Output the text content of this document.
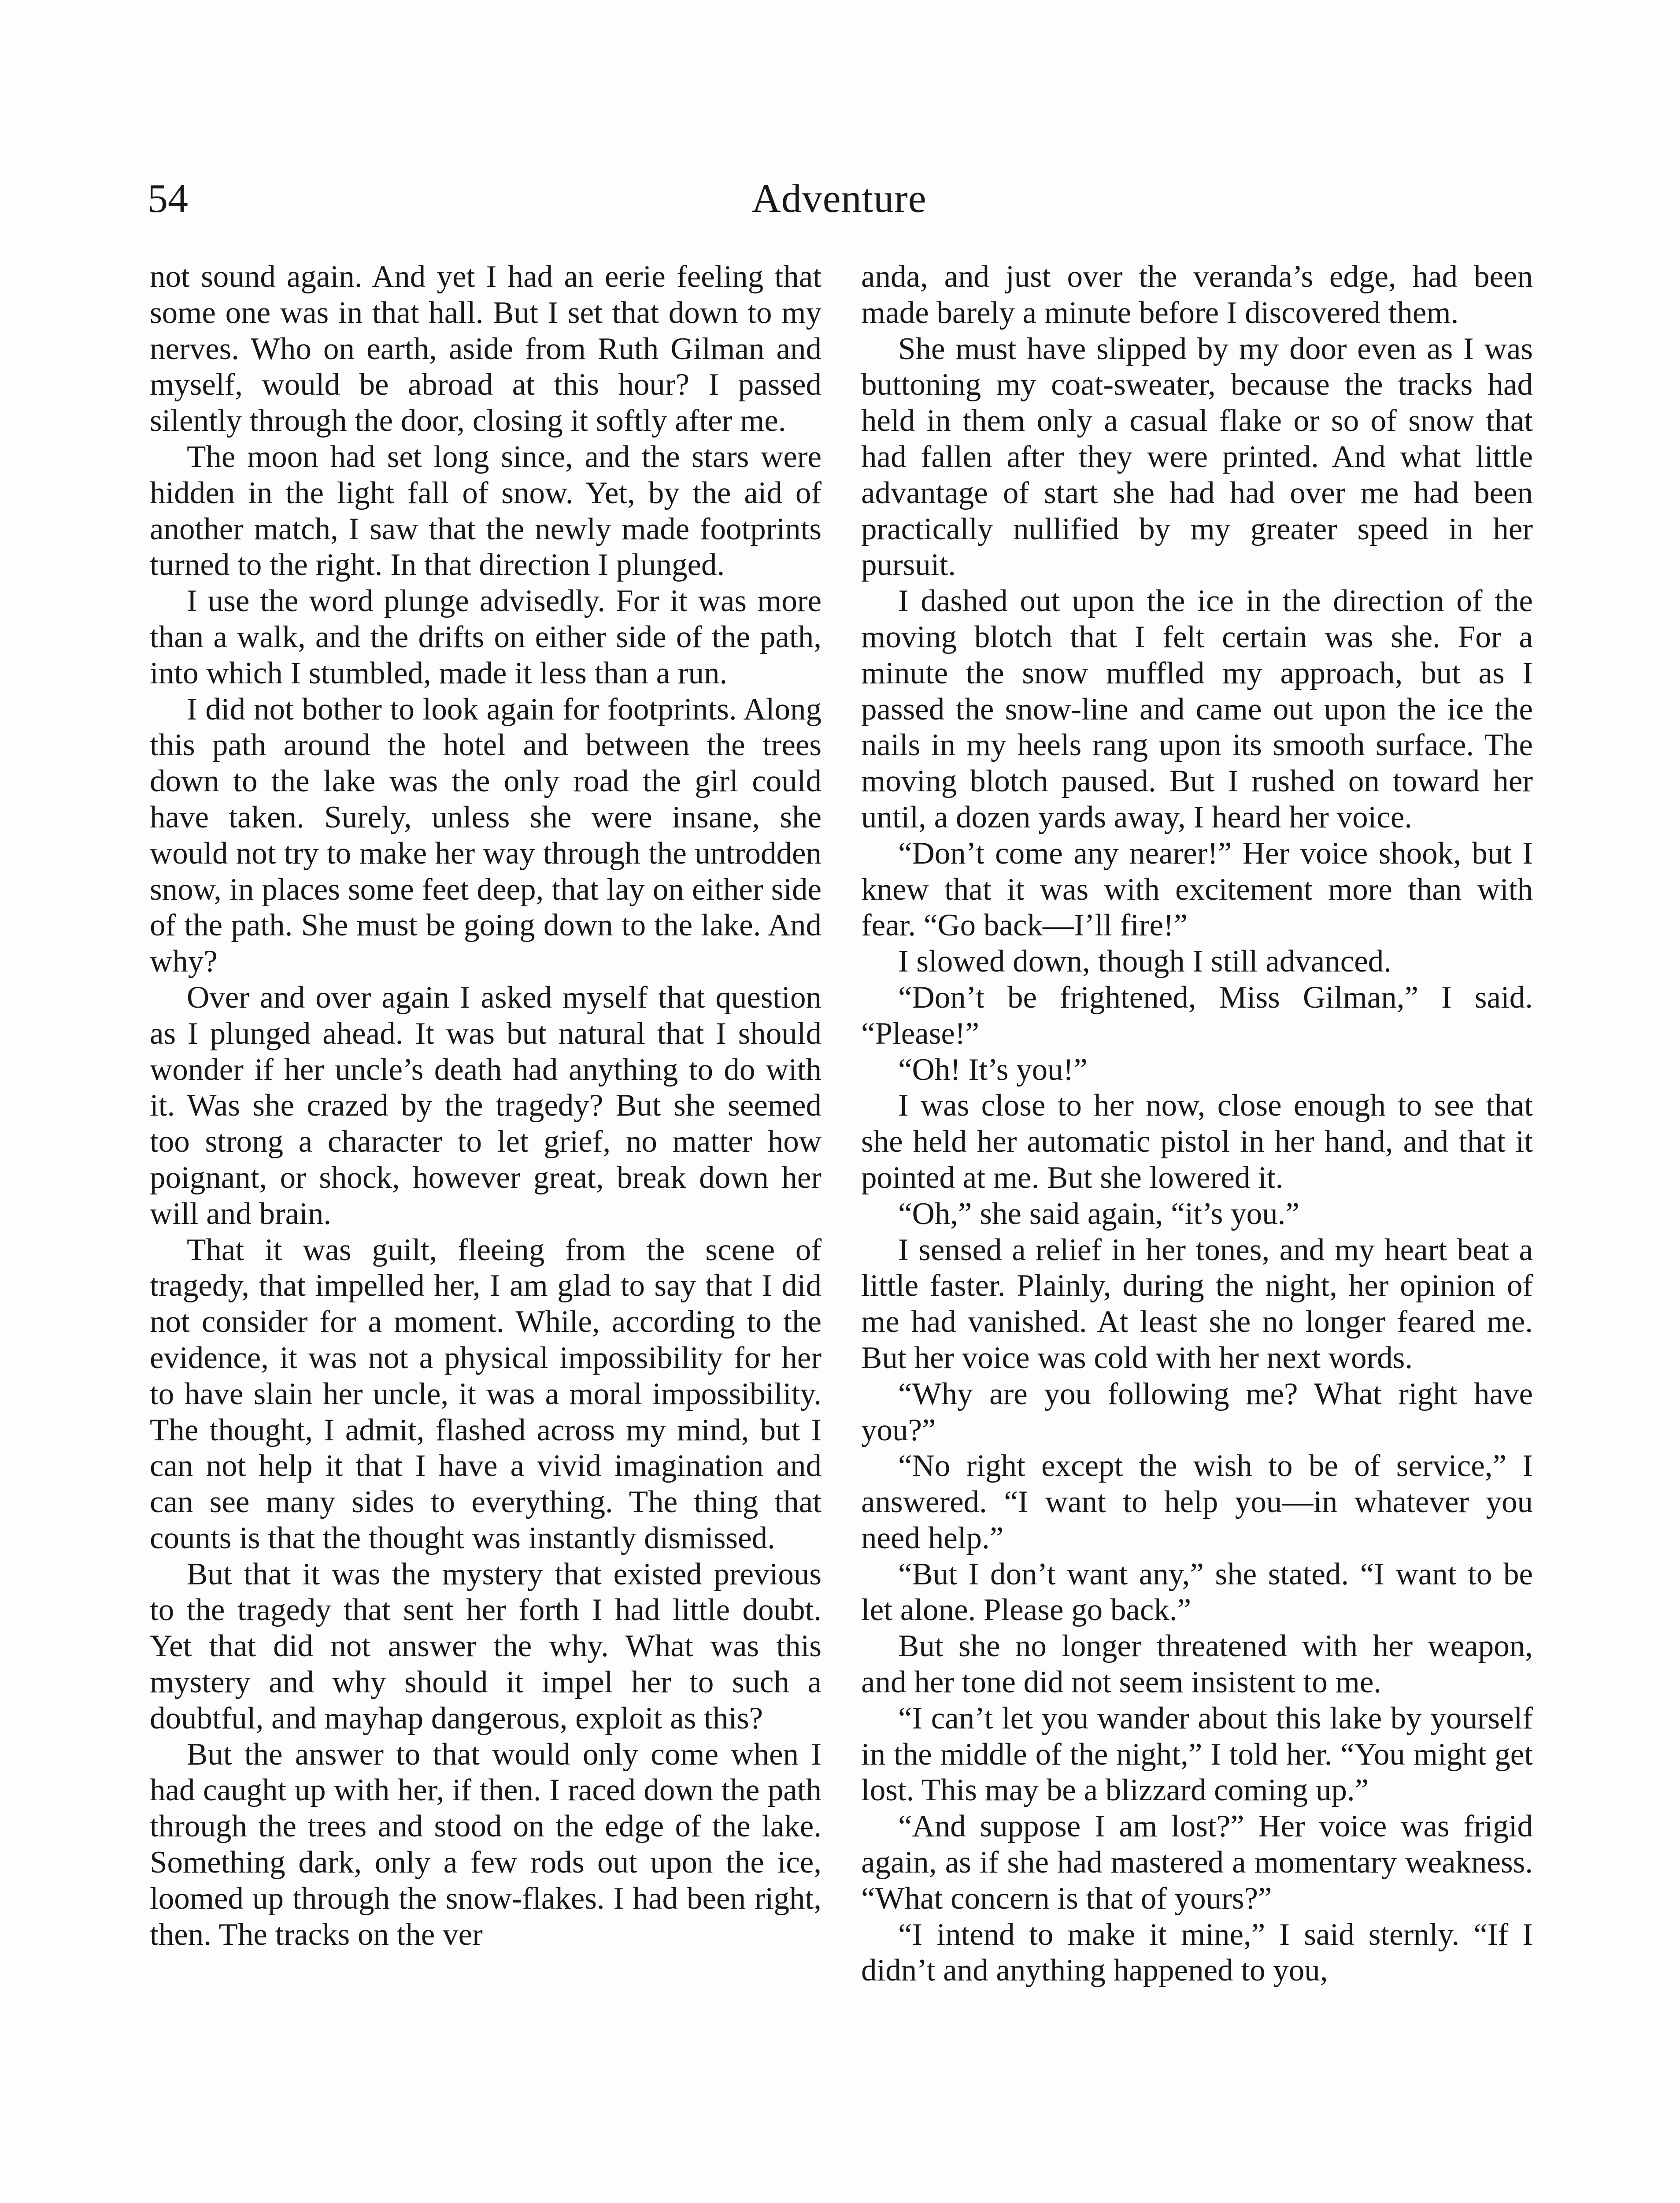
54	Adventure

not sound again. And yet I had an eerie feeling that some one was in that hall. But I set that down to my nerves. Who on earth, aside from Ruth Gilman and myself, would be abroad at this hour? I passed silently through the door, closing it softly after me.

The moon had set long since, and the stars were hidden in the light fall of snow. Yet, by the aid of another match, I saw that the newly made footprints turned to the right. In that direction I plunged.

I use the word plunge advisedly. For it was more than a walk, and the drifts on either side of the path, into which I stumbled, made it less than a run.

I did not bother to look again for footprints. Along this path around the hotel and between the trees down to the lake was the only road the girl could have taken. Surely, unless she were insane, she would not try to make her way through the untrodden snow, in places some feet deep, that lay on either side of the path. She must be going down to the lake. And why?

Over and over again I asked myself that question as I plunged ahead. It was but natural that I should wonder if her uncle’s death had anything to do with it. Was she crazed by the tragedy? But she seemed too strong a character to let grief, no matter how poignant, or shock, however great, break down her will and brain.

That it was guilt, fleeing from the scene of tragedy, that impelled her, I am glad to say that I did not consider for a moment. While, according to the evidence, it was not a physical impossibility for her to have slain her uncle, it was a moral impossibility. The thought, I admit, flashed across my mind, but I can not help it that I have a vivid imagination and can see many sides to everything. The thing that counts is that the thought was instantly dismissed.

But that it was the mystery that existed previous to the tragedy that sent her forth I had little doubt. Yet that did not answer the why. What was this mystery and why should it impel her to such a doubtful, and mayhap dangerous, exploit as this?

But the answer to that would only come when I had caught up with her, if then. I raced down the path through the trees and stood on the edge of the lake. Something dark, only a few rods out upon the ice, loomed up through the snow-flakes. I had been right, then. The tracks on the ver

anda, and just over the veranda’s edge, had been made barely a minute before I discovered them.

She must have slipped by my door even as I was buttoning my coat-sweater, because the tracks had held in them only a casual flake or so of snow that had fallen after they were printed. And what little advantage of start she had had over me had been practically nullified by my greater speed in her pursuit.

I dashed out upon the ice in the direction of the moving blotch that I felt certain was she. For a minute the snow muffled my approach, but as I passed the snow-line and came out upon the ice the nails in my heels rang upon its smooth surface. The moving blotch paused. But I rushed on toward her until, a dozen yards away, I heard her voice.

“Don’t come any nearer!” Her voice shook, but I knew that it was with excitement more than with fear. “Go back—I’ll fire!”

I slowed down, though I still advanced.

“Don’t be frightened, Miss Gilman,” I said. “Please!”

“Oh! It’s you!”

I was close to her now, close enough to see that she held her automatic pistol in her hand, and that it pointed at me. But she lowered it.

“Oh,” she said again, “it’s you.”

I sensed a relief in her tones, and my heart beat a little faster. Plainly, during the night, her opinion of me had vanished. At least she no longer feared me. But her voice was cold with her next words.

“Why are you following me? What right have you?”

“No right except the wish to be of service,” I answered. “I want to help you—in whatever you need help.”

“But I don’t want any,” she stated. “I want to be let alone. Please go back.”

But she no longer threatened with her weapon, and her tone did not seem insistent to me.

“I can’t let you wander about this lake by yourself in the middle of the night,” I told her. “You might get lost. This may be a blizzard coming up.”

“And suppose I am lost?” Her voice was frigid again, as if she had mastered a momentary weakness. “What concern is that of yours?”

“I intend to make it mine,” I said sternly. “If I didn’t and anything happened to you,
